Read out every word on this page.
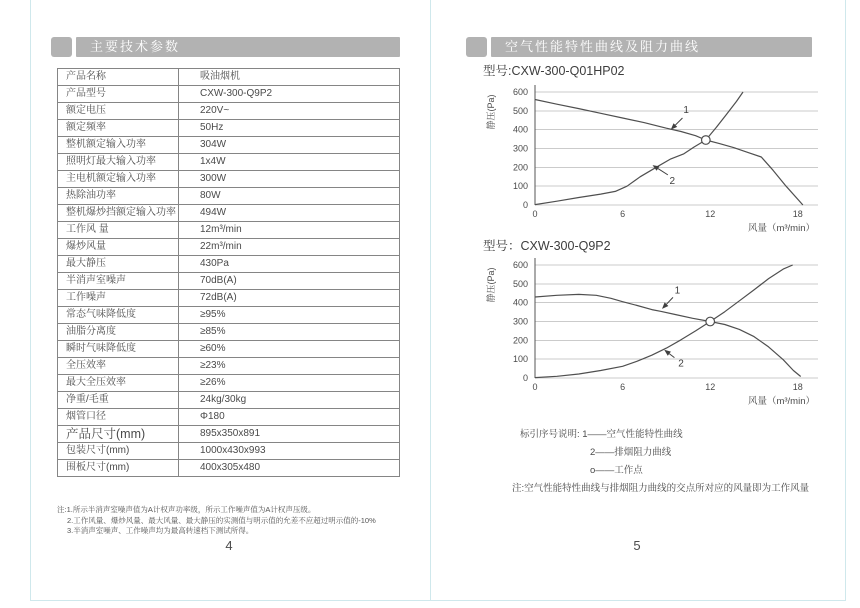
主要技术参数
产品名称	吸油烟机
产品型号	CXW-300-Q9P2
额定电压	220V~
额定频率	50Hz
整机额定输入功率	304W
照明灯最大输入功率	1x4W
主电机额定输入功率	300W
热除油功率	80W
整机爆炒挡额定输入功率	494W
工作风 量	12m³/min
爆炒风量	22m³/min
最大静压	430Pa
半消声室噪声	70dB(A)
工作噪声	72dB(A)
常态气味降低度	≥95%
油脂分离度	≥85%
瞬时气味降低度	≥60%
全压效率	≥23%
最大全压效率	≥26%
净重/毛重	24kg/30kg
烟管口径	Φ180
产品尺寸(mm)	895x350x891
包装尺寸(mm)	1000x430x993
围板尺寸(mm)	400x305x480
注:1.所示半消声室噪声值为A计权声功率级，所示工作噪声值为A计权声压级。
2.工作风量、爆炒风量、最大风量、最大静压的实测值与明示值的允差不应超过明示值的-10%
3.半消声室噪声、工作噪声均为最高转速档下测试所得。
4
空气性能特性曲线及阻力曲线
型号:CXW-300-Q01HP02
0
100
200
300
400
500
600
0	6	12	18
风量（m³/min）
静压(Pa)	1
2
型号：CXW-300-Q9P2
0
100
200
300
400
500
600
0	6	12	18
风量（m³/min）
静压(Pa)	1
2
标引序号说明: 1——空气性能特性曲线
2——排烟阻力曲线
o——工作点
注:空气性能特性曲线与排烟阻力曲线的交点所对应的风量即为工作风量
5
